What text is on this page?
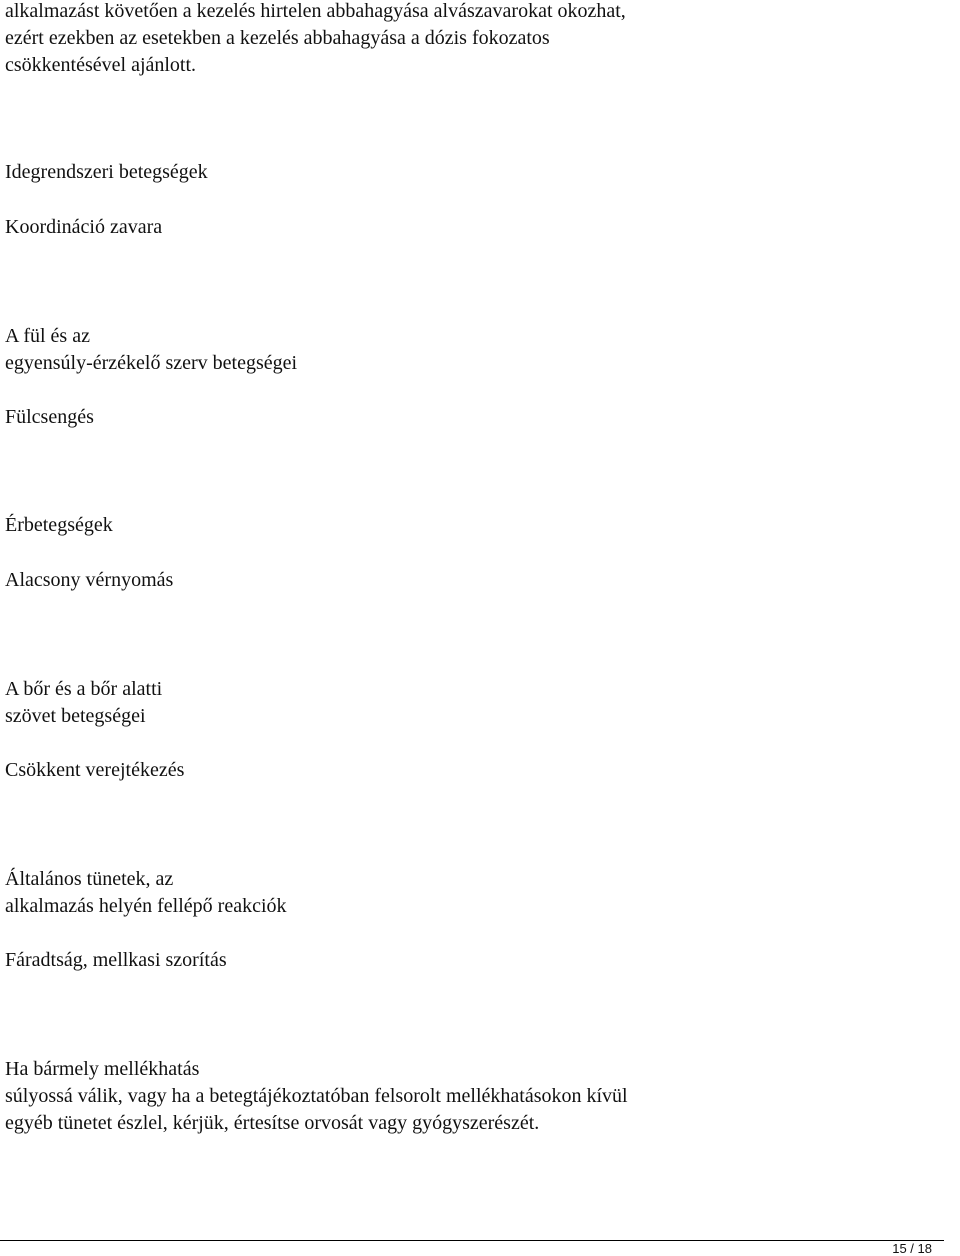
alkalmazást követően a kezelés hirtelen abbahagyása alvászavarokat okozhat,

ezért ezekben az esetekben a kezelés abbahagyása a dózis fokozatos

csökkentésével ajánlott.

Idegrendszeri betegségek

Koordináció zavara

A fül és az

egyensúly-érzékelő szerv betegségei

Fülcsengés

Érbetegségek

Alacsony vérnyomás

A bőr és a bőr alatti

szövet betegségei

Csökkent verejtékezés

Általános tünetek, az

alkalmazás helyén fellépő reakciók

Fáradtság, mellkasi szorítás

Ha bármely mellékhatás

súlyossá válik, vagy ha a betegtájékoztatóban felsorolt mellékhatásokon kívül

egyéb tünetet észlel, kérjük, értesítse orvosát vagy gyógyszerészét.

15 / 18
